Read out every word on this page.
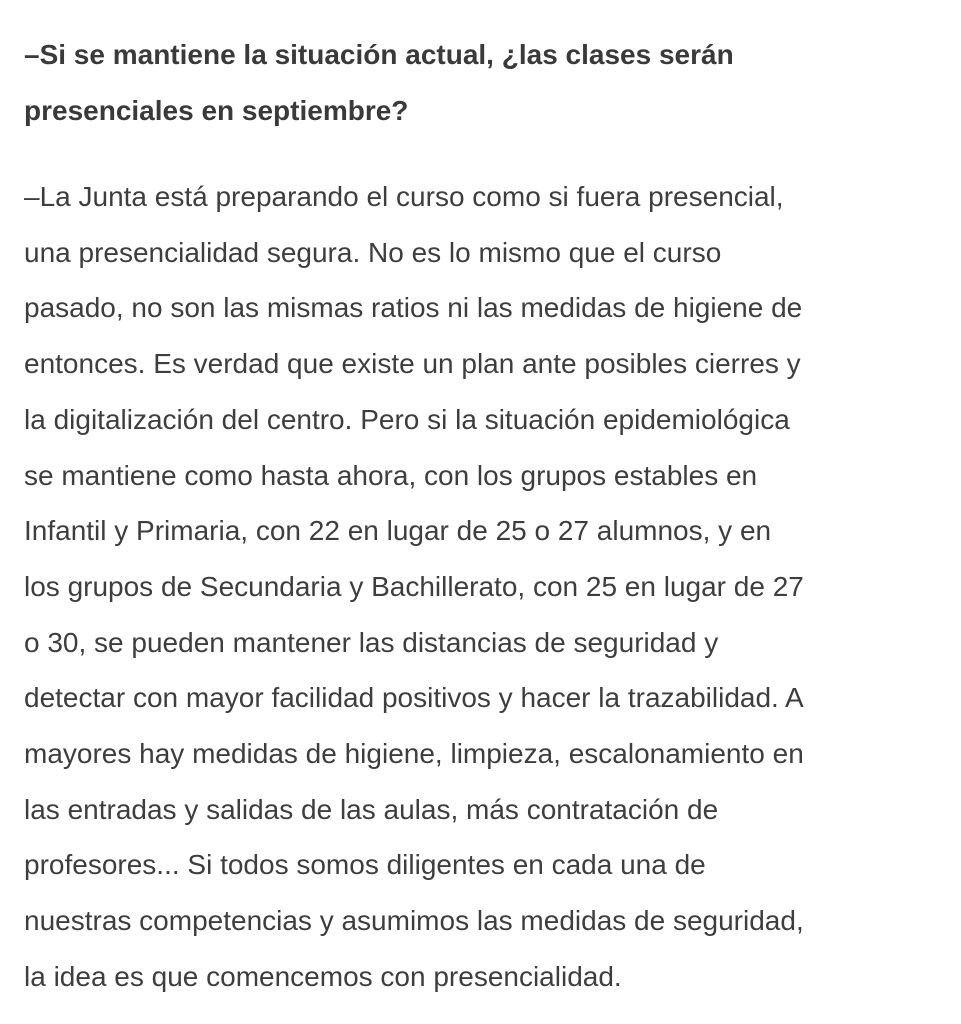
–Si se mantiene la situación actual, ¿las clases serán
presenciales en septiembre?

–La Junta está preparando el curso como si fuera presencial,
una presencialidad segura. No es lo mismo que el curso
pasado, no son las mismas ratios ni las medidas de higiene de
entonces. Es verdad que existe un plan ante posibles cierres y
la digitalización del centro. Pero si la situación epidemiológica
se mantiene como hasta ahora, con los grupos estables en
Infantil y Primaria, con 22 en lugar de 25 o 27 alumnos, y en
los grupos de Secundaria y Bachillerato, con 25 en lugar de 27
o 30, se pueden mantener las distancias de seguridad y
detectar con mayor facilidad positivos y hacer la trazabilidad. A
mayores hay medidas de higiene, limpieza, escalonamiento en
las entradas y salidas de las aulas, más contratación de
profesores... Si todos somos diligentes en cada una de
nuestras competencias y asumimos las medidas de seguridad,
la idea es que comencemos con presencialidad.
